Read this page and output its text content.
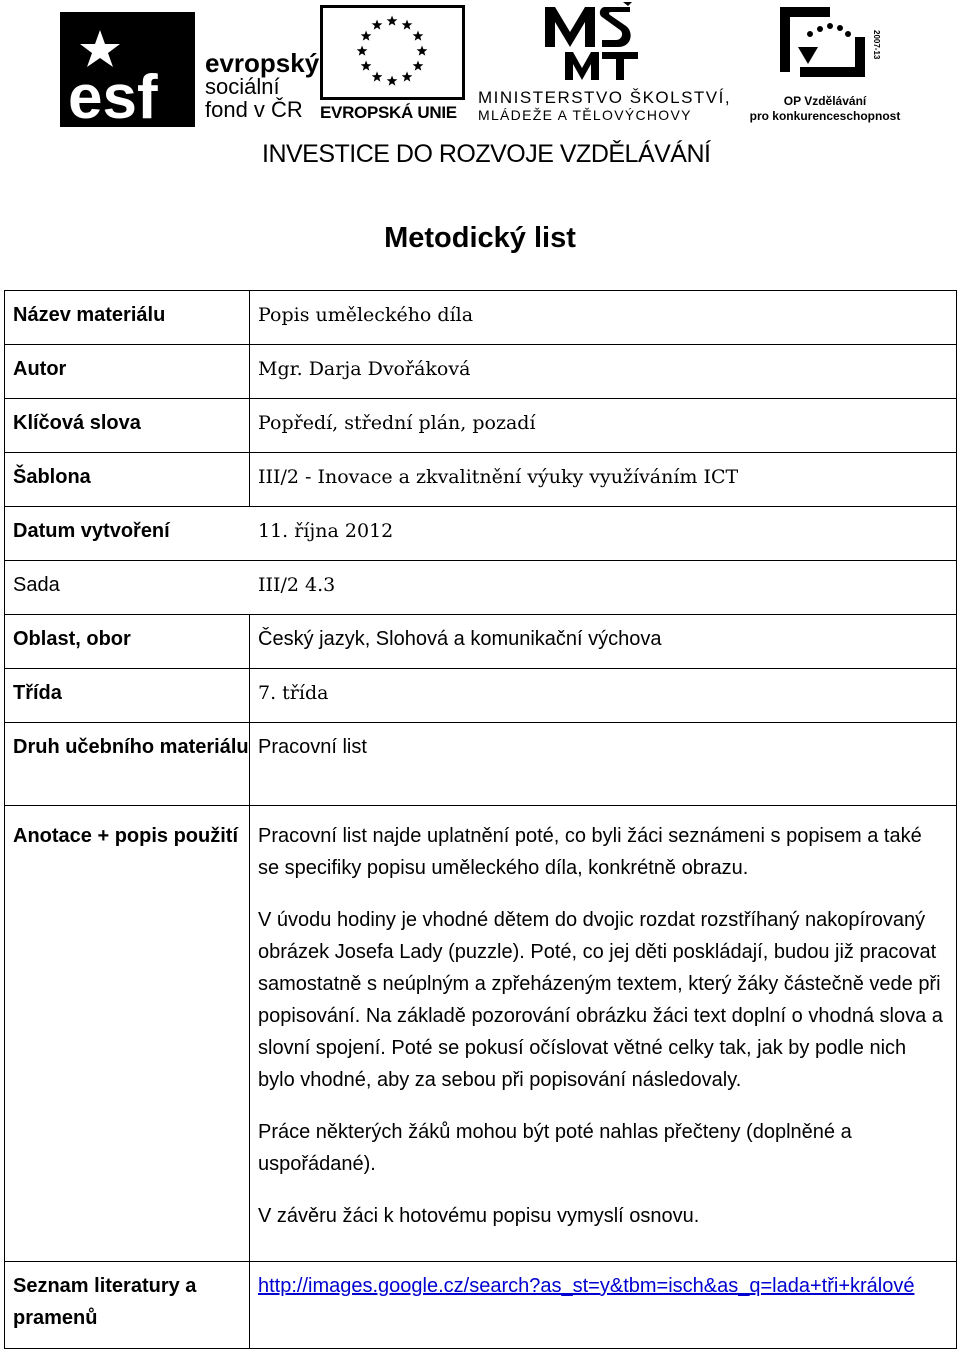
esf evropský
sociální
fond v ČR	EVROPSKÁ UNIE
MINISTERSTVO ŠKOLSTVÍ,
MLÁDEŽE A TĚLOVÝCHOVY
2007-13
OP Vzdělávání
pro konkurenceschopnost
INVESTICE DO ROZVOJE VZDĚLÁVÁNÍ
Metodický list
Název materiálu	Popis uměleckého díla

Autor	Mgr. Darja Dvořáková

Klíčová slova	Popředí, střední plán, pozadí

Šablona	III/2 - Inovace a zkvalitnění výuky využíváním ICT

Datum vytvoření 11. října 2012	

Sada III/2 4.3	

Oblast, obor	Český jazyk, Slohová a komunikační výchova

Třída	7. třída

Druh učebního materiálu	Pracovní list

Anotace + popis použití	Pracovní list najde uplatnění poté, co byli žáci seznámeni s popisem a také se specifiky popisu uměleckého díla, konkrétně obrazu.

V úvodu hodiny je vhodné dětem do dvojic rozdat rozstříhaný nakopírovaný obrázek Josefa Lady (puzzle). Poté, co jej děti poskládají, budou již pracovat samostatně s neúplným a zpřeházeným textem, který žáky částečně vede při popisování. Na základě pozorování obrázku žáci text doplní o vhodná slova a slovní spojení. Poté se pokusí očíslovat větné celky tak, jak by podle nich bylo vhodné, aby za sebou při popisování následovaly.

Práce některých žáků mohou být poté nahlas přečteny (doplněné a uspořádané).

V závěru žáci k hotovému popisu vymyslí osnovu.

Seznam literatury a pramenů	http://images.google.cz/search?as_st=y&tbm=isch&as_q=lada+tři+králové
